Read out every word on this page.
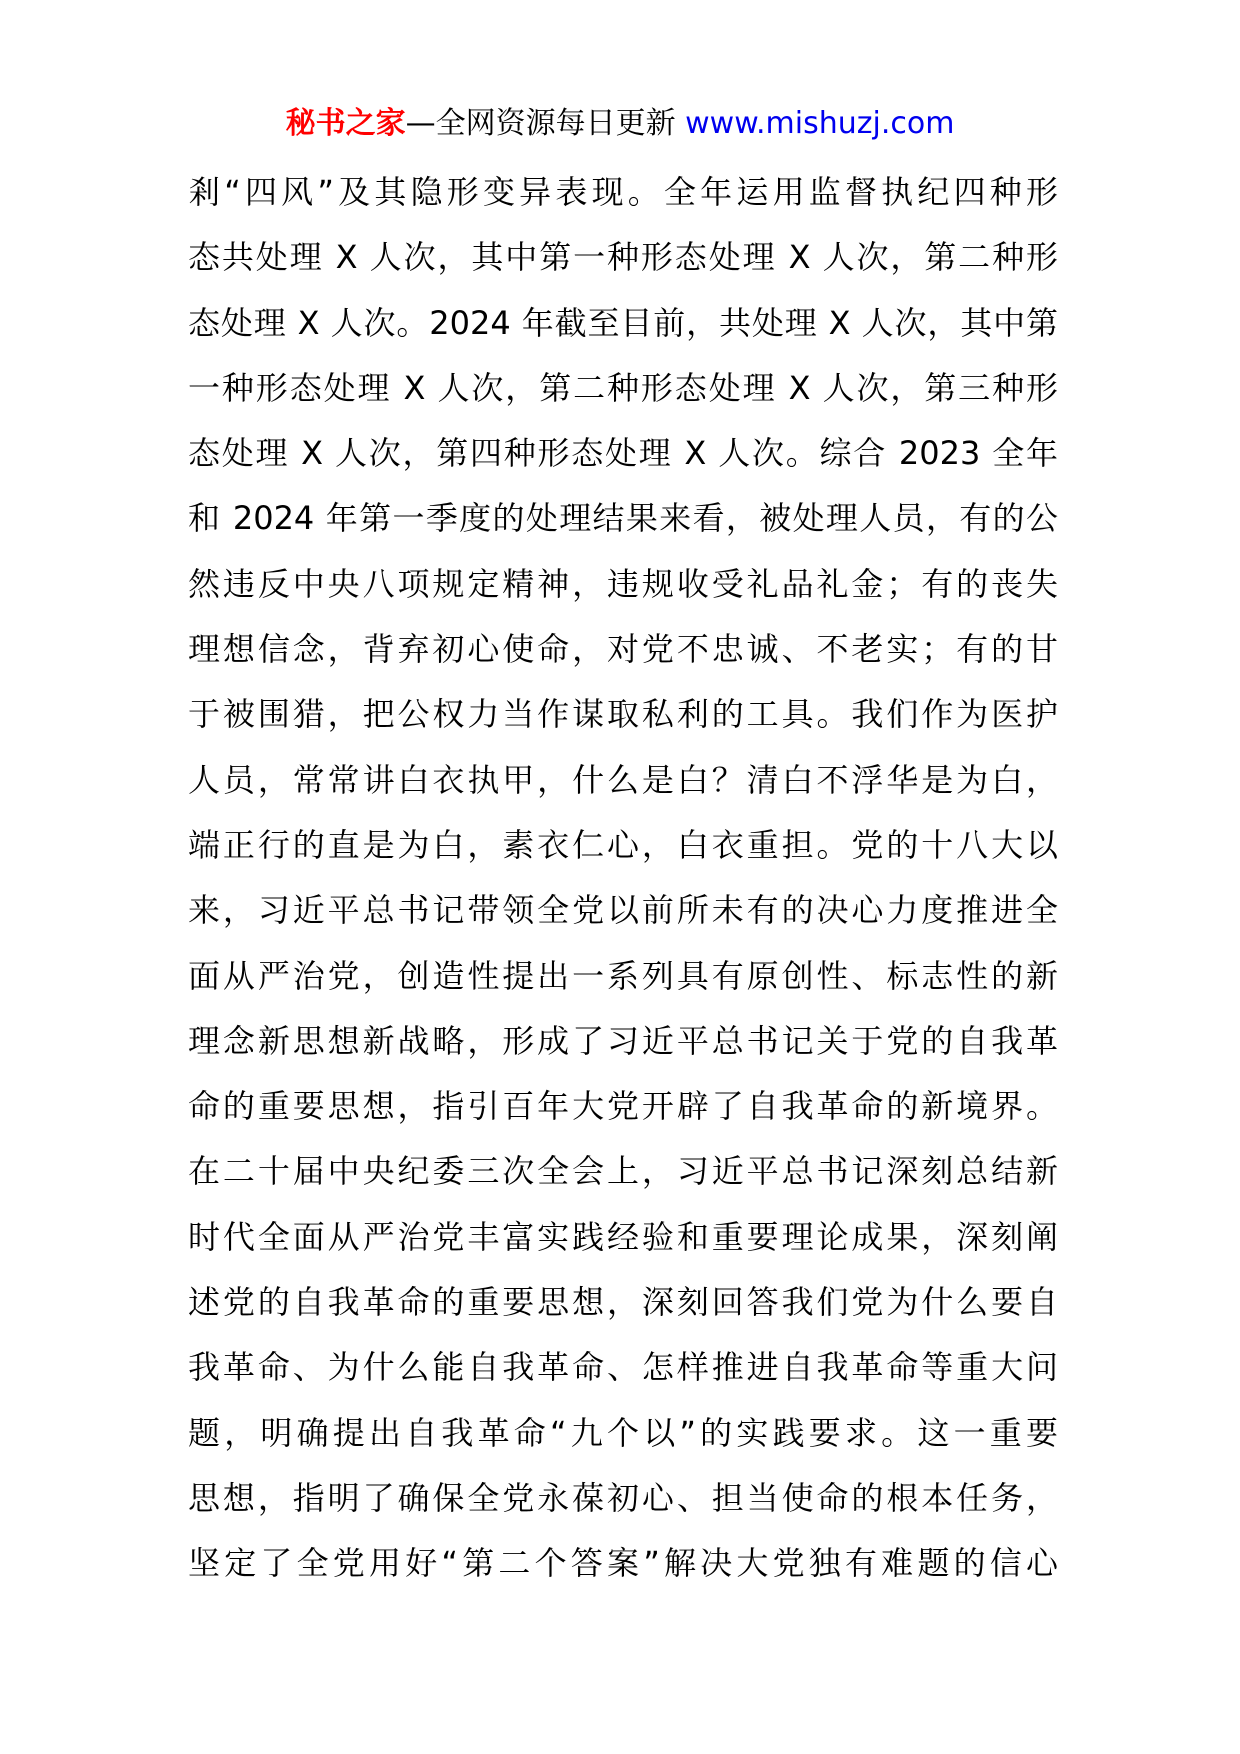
秘书之家—全网资源每日更新 www.mishuzj.com
剎“四风”及其隐形变异表现。全年运用监督执纪四种形
态共处理 X 人次，其中第一种形态处理 X 人次，第二种形
态处理 X 人次。2024 年截至目前，共处理 X 人次，其中第
一种形态处理 X 人次，第二种形态处理 X 人次，第三种形
态处理 X 人次，第四种形态处理 X 人次。综合 2023 全年
和 2024 年第一季度的处理结果来看，被处理人员，有的公
然违反中央八项规定精神，违规收受礼品礼金；有的丧失
理想信念，背弃初心使命，对党不忠诚、不老实；有的甘
于被围猎，把公权力当作谋取私利的工具。我们作为医护
人员，常常讲白衣执甲，什么是白？清白不浮华是为白，
端正行的直是为白，素衣仁心，白衣重担。党的十八大以
来，习近平总书记带领全党以前所未有的决心力度推进全
面从严治党，创造性提出一系列具有原创性、标志性的新
理念新思想新战略，形成了习近平总书记关于党的自我革
命的重要思想，指引百年大党开辟了自我革命的新境界。
在二十届中央纪委三次全会上，习近平总书记深刻总结新
时代全面从严治党丰富实践经验和重要理论成果，深刻阐
述党的自我革命的重要思想，深刻回答我们党为什么要自
我革命、为什么能自我革命、怎样推进自我革命等重大问
题，明确提出自我革命“九个以”的实践要求。这一重要
思想，指明了确保全党永葆初心、担当使命的根本任务，
坚定了全党用好“第二个答案”解决大党独有难题的信心
